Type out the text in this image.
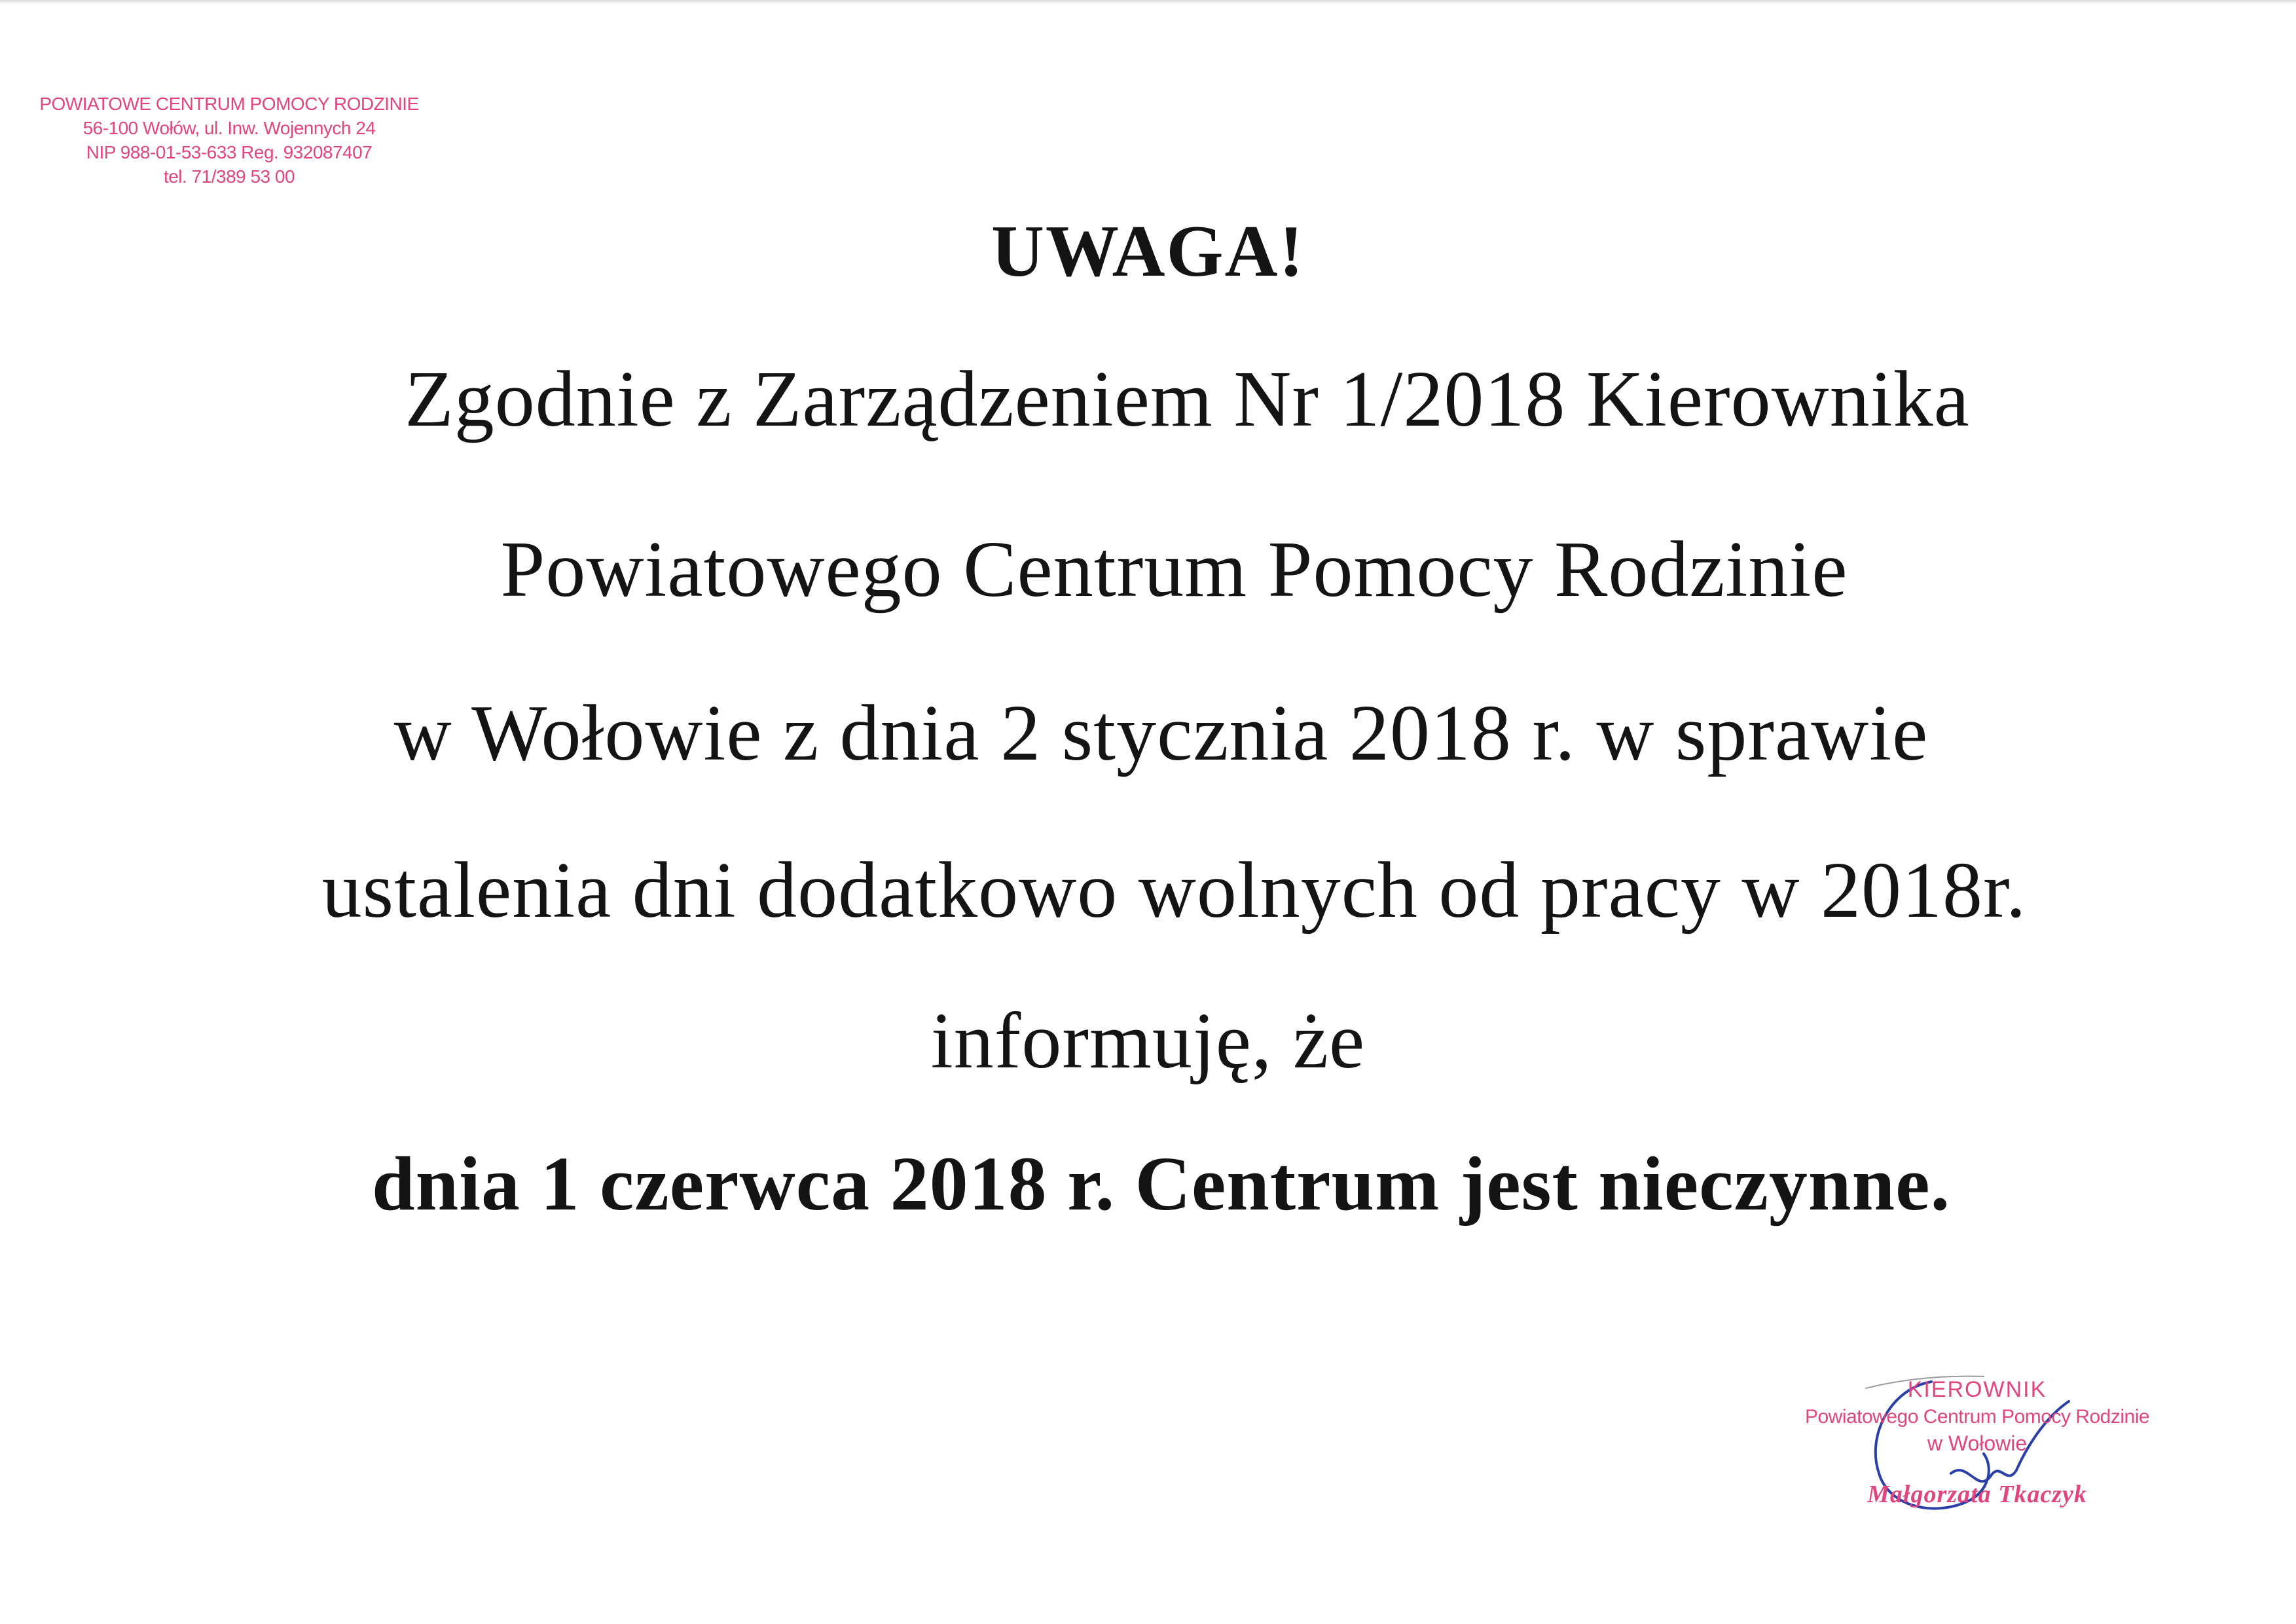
POWIATOWE CENTRUM POMOCY RODZINIE
56-100 Wołów, ul. Inw. Wojennych 24
NIP 988-01-53-633 Reg. 932087407
tel. 71/389 53 00
UWAGA!
Zgodnie z Zarządzeniem Nr 1/2018 Kierownika
Powiatowego Centrum Pomocy Rodzinie
w Wołowie z dnia 2 stycznia 2018 r. w sprawie
ustalenia dni dodatkowo wolnych od pracy w 2018r.
informuję, że
dnia 1 czerwca 2018 r. Centrum jest nieczynne.
KIEROWNIK
Powiatowego Centrum Pomocy Rodzinie
w Wołowie
Małgorzata Tkaczyk
